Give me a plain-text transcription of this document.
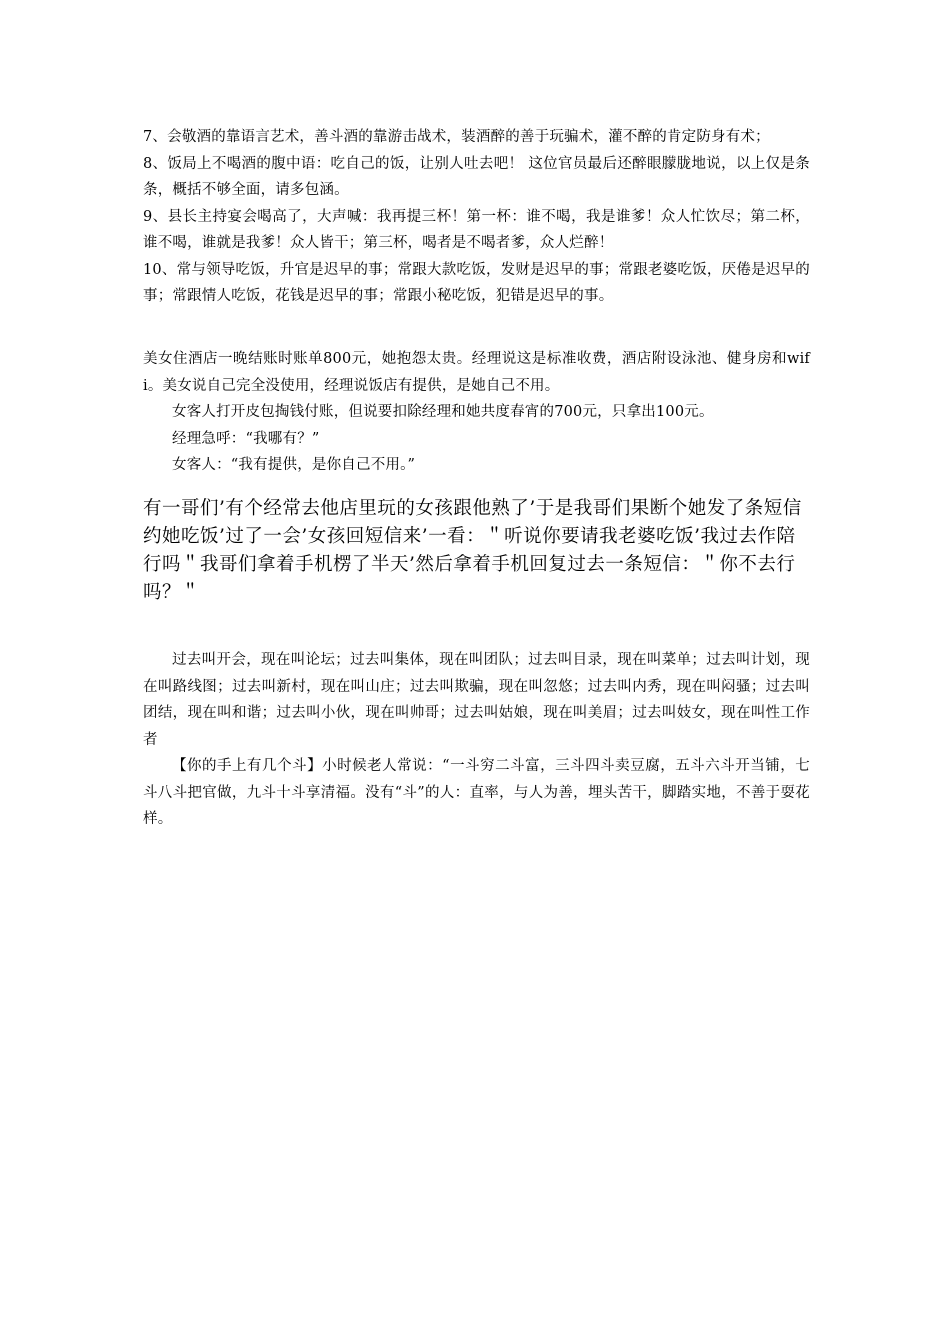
7、会敬酒的靠语言艺术，善斗酒的靠游击战术，装酒醉的善于玩骗术，灌不醉的肯定防身有术；

8、饭局上不喝酒的腹中语：吃自己的饭，让别人吐去吧！ 这位官员最后还醉眼朦胧地说，以上仅是条条，概括不够全面，请多包涵。

9、县长主持宴会喝高了，大声喊：我再提三杯！第一杯：谁不喝，我是谁爹！众人忙饮尽；第二杯，谁不喝，谁就是我爹！众人皆干；第三杯，喝者是不喝者爹，众人烂醉！

10、常与领导吃饭，升官是迟早的事；常跟大款吃饭，发财是迟早的事；常跟老婆吃饭，厌倦是迟早的事；常跟情人吃饭，花钱是迟早的事；常跟小秘吃饭，犯错是迟早的事。

美女住酒店一晚结账时账单800元，她抱怨太贵。经理说这是标准收费，酒店附设泳池、健身房和wifi。美女说自己完全没使用，经理说饭店有提供，是她自己不用。

女客人打开皮包掏钱付账，但说要扣除经理和她共度春宵的700元，只拿出100元。

经理急呼：“我哪有？”

女客人：“我有提供，是你自己不用。”

有一哥们’有个经常去他店里玩的女孩跟他熟了’于是我哥们果断个她发了条短信约她吃饭’过了一会’女孩回短信来’一看：＂听说你要请我老婆吃饭’我过去作陪行吗＂我哥们拿着手机楞了半天’然后拿着手机回复过去一条短信：＂你不去行吗？＂

过去叫开会，现在叫论坛；过去叫集体，现在叫团队；过去叫目录，现在叫菜单；过去叫计划，现在叫路线图；过去叫新村，现在叫山庄；过去叫欺骗，现在叫忽悠；过去叫内秀，现在叫闷骚；过去叫团结，现在叫和谐；过去叫小伙，现在叫帅哥；过去叫姑娘，现在叫美眉；过去叫妓女，现在叫性工作者

【你的手上有几个斗】小时候老人常说：“一斗穷二斗富，三斗四斗卖豆腐，五斗六斗开当铺，七斗八斗把官做，九斗十斗享清福。没有“斗”的人：直率，与人为善，埋头苦干，脚踏实地，不善于耍花样。
